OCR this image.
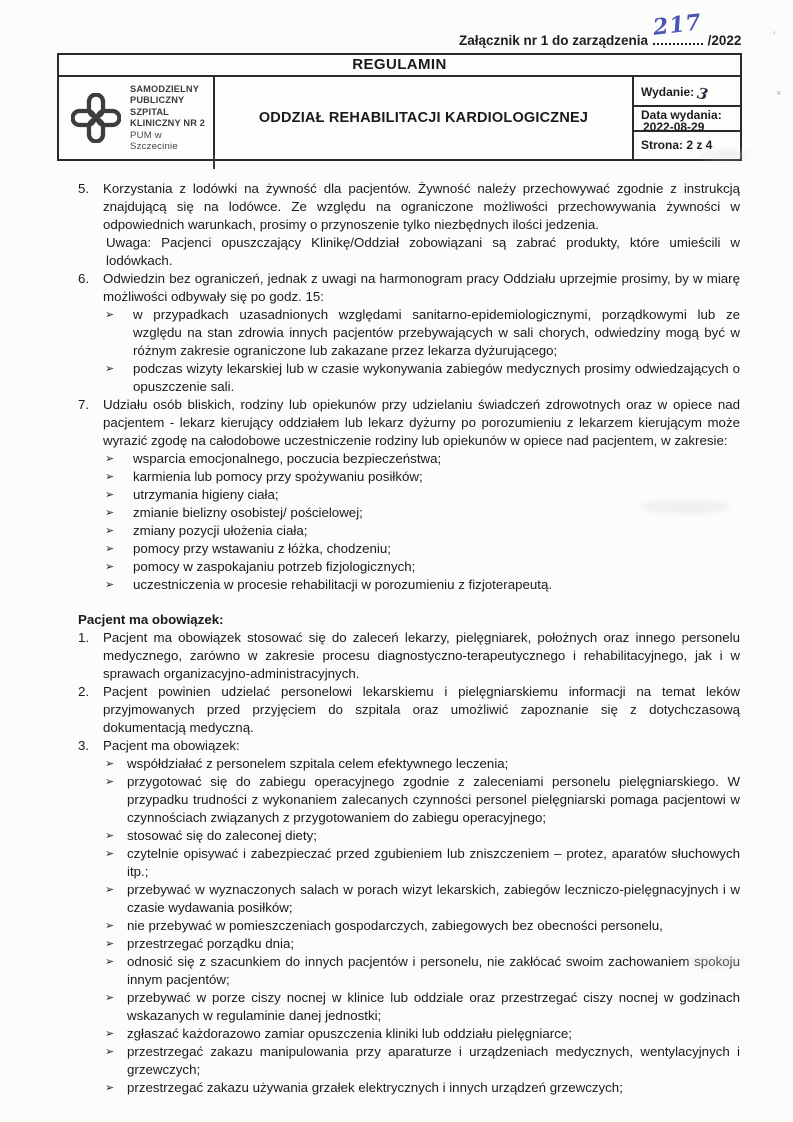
Załącznik nr 1 do zarządzenia 217 /2022	’
×
REGULAMIN
SAMODZIELNY
PUBLICZNY SZPITAL
KLINICZNY NR 2
PUM w Szczecinie
ODDZIAŁ REHABILITACJI KARDIOLOGICZNEJ
Wydanie: 3
Data wydania:
2022-08-29
Strona: 2 z 4
5.	Korzystania z lodówki na żywność dla pacjentów. Żywność należy przechowywać zgodnie z instrukcją znajdującą się na lodówce. Ze względu na ograniczone możliwości przechowywania żywności w odpowiednich warunkach, prosimy o przynoszenie tylko niezbędnych ilości jedzenia.
Uwaga: Pacjenci opuszczający Klinikę/Oddział zobowiązani są zabrać produkty, które umieścili w lodówkach.
6.	Odwiedzin bez ograniczeń, jednak z uwagi na harmonogram pracy Oddziału uprzejmie prosimy, by w miarę możliwości odbywały się po godz. 15:
➢	w przypadkach uzasadnionych względami sanitarno-epidemiologicznymi, porządkowymi lub ze względu na stan zdrowia innych pacjentów przebywających w sali chorych, odwiedziny mogą być w różnym zakresie ograniczone lub zakazane przez lekarza dyżurującego;
➢	podczas wizyty lekarskiej lub w czasie wykonywania zabiegów medycznych prosimy odwiedzających o opuszczenie sali.
7.	Udziału osób bliskich, rodziny lub opiekunów przy udzielaniu świadczeń zdrowotnych oraz w opiece nad pacjentem - lekarz kierujący oddziałem lub lekarz dyżurny po porozumieniu z lekarzem kierującym może wyrazić zgodę na całodobowe uczestniczenie rodziny lub opiekunów w opiece nad pacjentem, w zakresie:
➢	wsparcia emocjonalnego, poczucia bezpieczeństwa;
➢	karmienia lub pomocy przy spożywaniu posiłków;
➢	utrzymania higieny ciała;
➢	zmianie bielizny osobistej/ pościelowej;
➢	zmiany pozycji ułożenia ciała;
➢	pomocy przy wstawaniu z łóżka, chodzeniu;
➢	pomocy w zaspokajaniu potrzeb fizjologicznych;
➢	uczestniczenia w procesie rehabilitacji w porozumieniu z fizjoterapeutą.
Pacjent ma obowiązek:
1.	Pacjent ma obowiązek stosować się do zaleceń lekarzy, pielęgniarek, położnych oraz innego personelu medycznego, zarówno w zakresie procesu diagnostyczno-terapeutycznego i rehabilitacyjnego, jak i w sprawach organizacyjno-administracyjnych.
2.	Pacjent powinien udzielać personelowi lekarskiemu i pielęgniarskiemu informacji na temat leków przyjmowanych przed przyjęciem do szpitala oraz umożliwić zapoznanie się z dotychczasową dokumentacją medyczną.
3.	Pacjent ma obowiązek:
➢ współdziałać z personelem szpitala celem efektywnego leczenia;
➢ przygotować się do zabiegu operacyjnego zgodnie z zaleceniami personelu pielęgniarskiego. W przypadku trudności z wykonaniem zalecanych czynności personel pielęgniarski pomaga pacjentowi w czynnościach związanych z przygotowaniem do zabiegu operacyjnego;
➢ stosować się do zaleconej diety;
➢ czytelnie opisywać i zabezpieczać przed zgubieniem lub zniszczeniem – protez, aparatów słuchowych itp.;
➢ przebywać w wyznaczonych salach w porach wizyt lekarskich, zabiegów leczniczo-pielęgnacyjnych i w czasie wydawania posiłków;
➢ nie przebywać w pomieszczeniach gospodarczych, zabiegowych bez obecności personelu,
➢ przestrzegać porządku dnia;
➢ odnosić się z szacunkiem do innych pacjentów i personelu, nie zakłócać swoim zachowaniem spokoju innym pacjentów;
➢ przebywać w porze ciszy nocnej w klinice lub oddziale oraz przestrzegać ciszy nocnej w godzinach wskazanych w regulaminie danej jednostki;
➢ zgłaszać każdorazowo zamiar opuszczenia kliniki lub oddziału pielęgniarce;
➢ przestrzegać zakazu manipulowania przy aparaturze i urządzeniach medycznych, wentylacyjnych i grzewczych;
➢ przestrzegać zakazu używania grzałek elektrycznych i innych urządzeń grzewczych;
